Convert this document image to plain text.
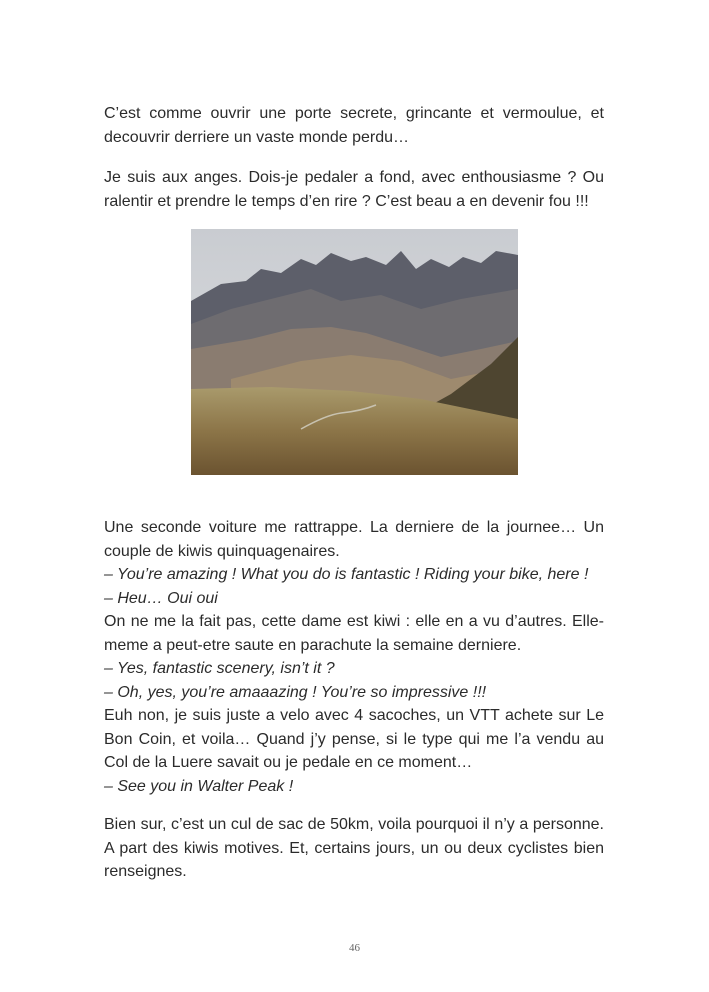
C’est comme ouvrir une porte secrete, grincante et vermoulue, et decouvrir derriere un vaste monde perdu…

Je suis aux anges. Dois-je pedaler a fond, avec enthousiasme ? Ou ralentir et prendre le temps d’en rire ? C’est beau a en devenir fou !!!

Une seconde voiture me rattrappe. La derniere de la journee… Un couple de kiwis quinquagenaires.

– You’re amazing ! What you do is fantastic ! Riding your bike, here !

– Heu… Oui oui

On ne me la fait pas, cette dame est kiwi : elle en a vu d’autres. Elle-meme a peut-etre saute en parachute la semaine derniere.

– Yes, fantastic scenery, isn’t it ?

– Oh, yes, you’re amaaazing ! You’re so impressive !!!

Euh non, je suis juste a velo avec 4 sacoches, un VTT achete sur Le Bon Coin, et voila… Quand j’y pense, si le type qui me l’a vendu au Col de la Luere savait ou je pedale en ce moment…

– See you in Walter Peak !

Bien sur, c’est un cul de sac de 50km, voila pourquoi il n’y a personne. A part des kiwis motives. Et, certains jours, un ou deux cyclistes bien renseignes.

46
